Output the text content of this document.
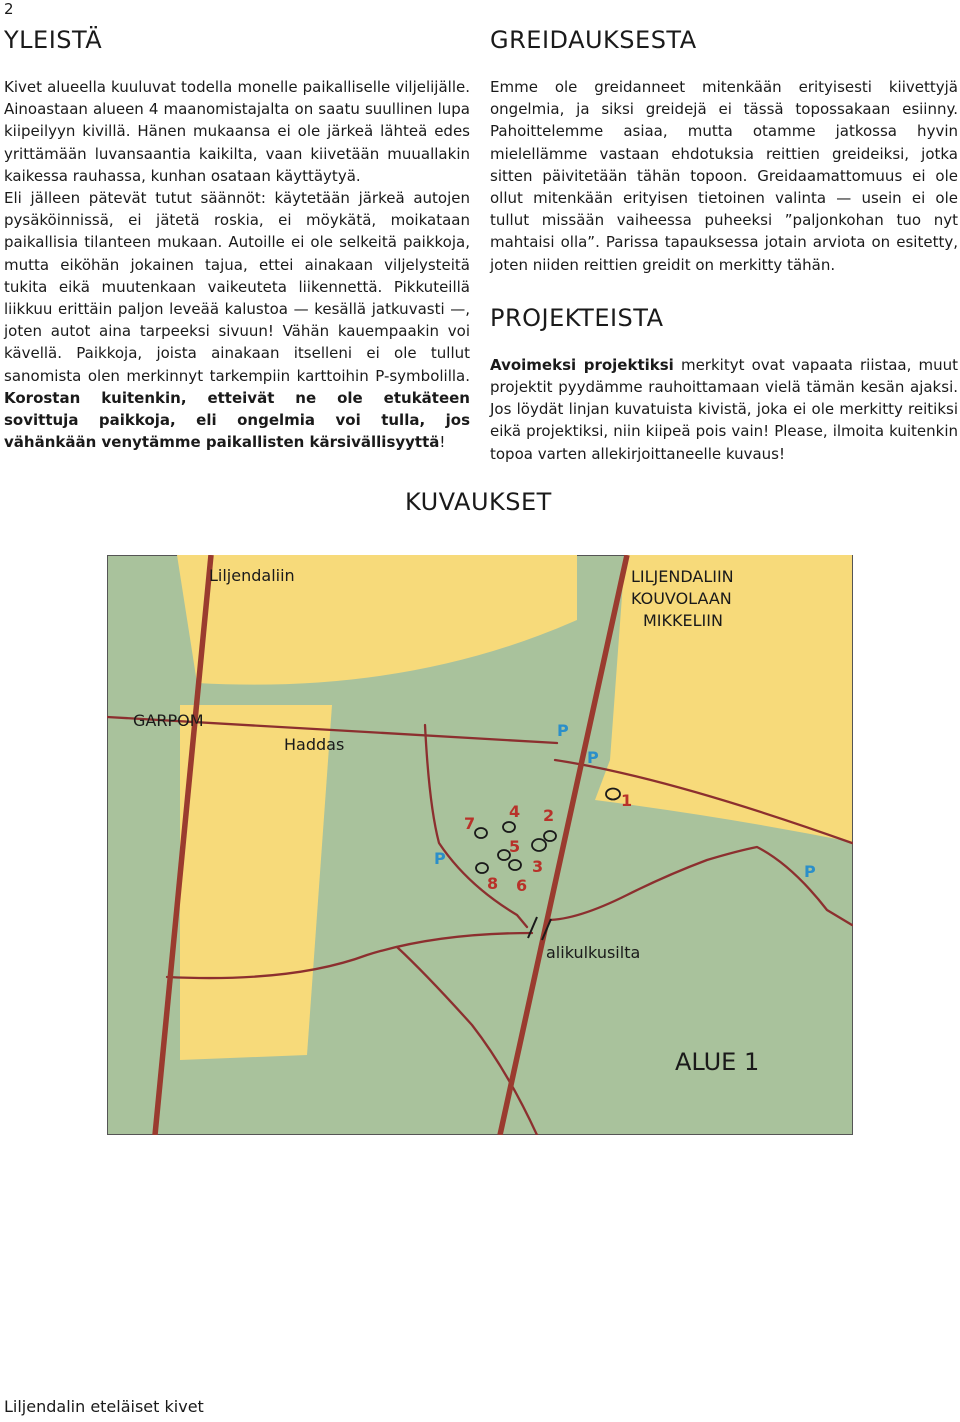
2
YLEISTÄ

Kivet alueella kuuluvat todella monelle paikalliselle viljelijälle. Ainoastaan alueen 4 maanomistajalta on saatu suullinen lupa kiipeilyyn kivillä. Hänen mukaansa ei ole järkeä lähteä edes yrittämään luvansaantia kaikilta, vaan kiivetään muuallakin kaikessa rauhassa, kunhan osataan käyttäytyä.

Eli jälleen pätevät tutut säännöt: käytetään järkeä autojen pysäköinnissä, ei jätetä roskia, ei möykätä, moikataan paikallisia tilanteen mukaan. Autoille ei ole selkeitä paikkoja, mutta eiköhän jokainen tajua, ettei ainakaan viljelysteitä tukita eikä muutenkaan vaikeuteta liikennettä. Pikkuteillä liikkuu erittäin paljon leveää kalustoa — kesällä jatkuvasti —, joten autot aina tarpeeksi sivuun! Vähän kauempaakin voi kävellä. Paikkoja, joista ainakaan itselleni ei ole tullut sanomista olen merkinnyt tarkempiin karttoihin P-symbolilla. Korostan kuitenkin, etteivät ne ole etukäteen sovittuja paikkoja, eli ongelmia voi tulla, jos vähänkään venytämme paikallisten kärsivällisyyttä!

GREIDAUKSESTA

Emme ole greidanneet mitenkään erityisesti kiivettyjä ongelmia, ja siksi greidejä ei tässä topossakaan esiinny. Pahoittelemme asiaa, mutta otamme jatkossa hyvin mielellämme vastaan ehdotuksia reittien greideiksi, jotka sitten päivitetään tähän topoon. Greidaamattomuus ei ole ollut mitenkään erityisen tietoinen valinta — usein ei ole tullut missään vaiheessa puheeksi ”paljonkohan tuo nyt mahtaisi olla”. Parissa tapauksessa jotain arviota on esitetty, joten niiden reittien greidit on merkitty tähän.

PROJEKTEISTA

Avoimeksi projektiksi merkityt ovat vapaata riistaa, muut projektit pyydämme rauhoittamaan vielä tämän kesän ajaksi. Jos löydät linjan kuvatuista kivistä, joka ei ole merkitty reitiksi eikä projektiksi, niin kiipeä pois vain! Please, ilmoita kuitenkin topoa varten allekirjoittaneelle kuvaus!

KUVAUKSET
1
2
3
4
5
6
7
8
P
P
P
P
Liljendaliin	LILJENDALIIN
KOUVOLAAN
MIKKELIIN
GARPOM
Haddas
alikulkusilta
ALUE 1
Liljendalin eteläiset kivet
